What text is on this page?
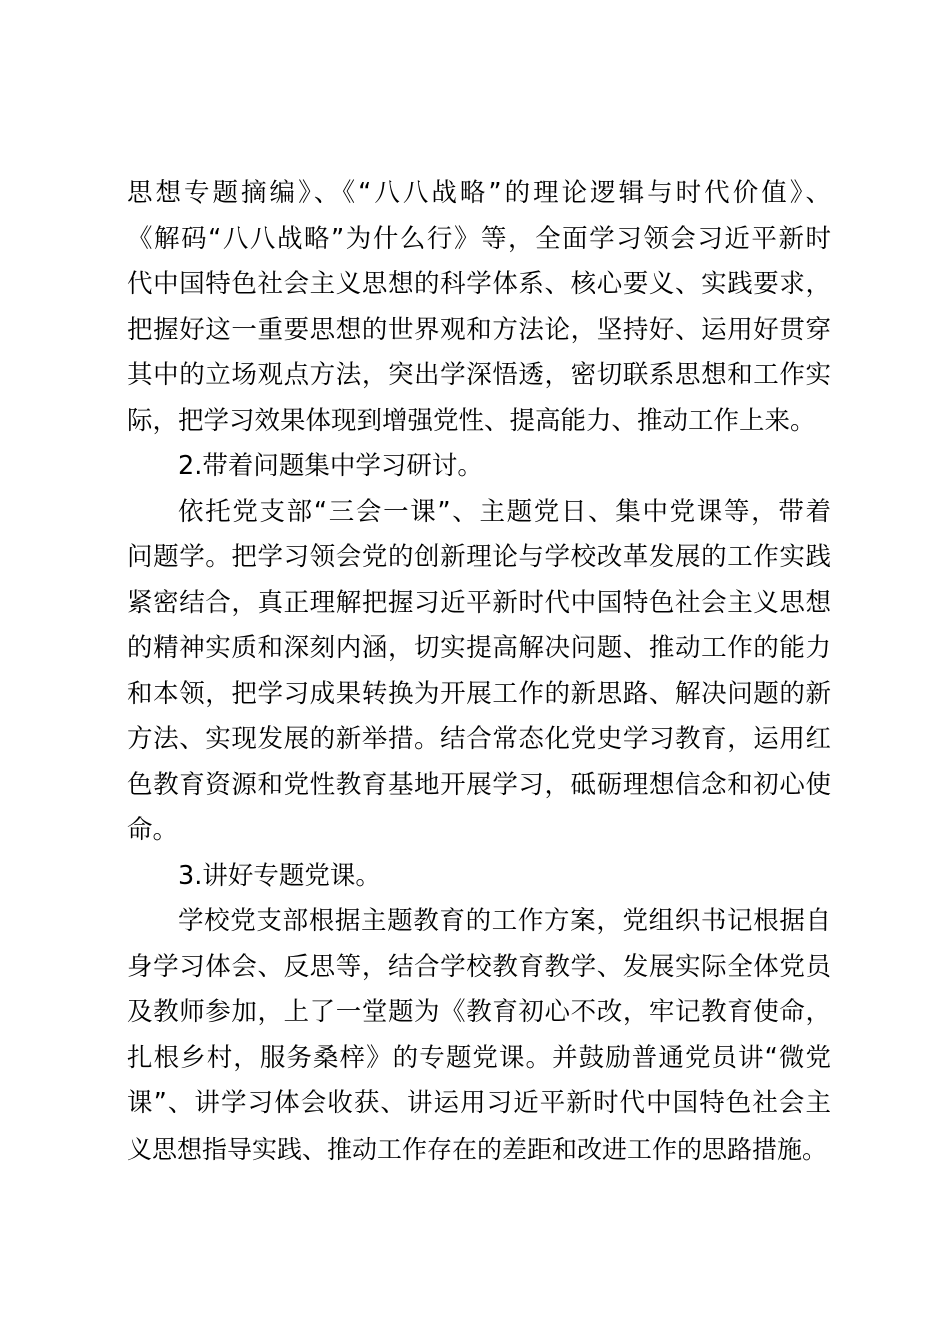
思想专题摘编》、《“八八战略”的理论逻辑与时代价值》、
《解码“八八战略”为什么行》等，全面学习领会习近平新时
代中国特色社会主义思想的科学体系、核心要义、实践要求，
把握好这一重要思想的世界观和方法论，坚持好、运用好贯穿
其中的立场观点方法，突出学深悟透，密切联系思想和工作实
际，把学习效果体现到增强党性、提高能力、推动工作上来。
2.带着问题集中学习研讨。
依托党支部“三会一课”、主题党日、集中党课等，带着
问题学。把学习领会党的创新理论与学校改革发展的工作实践
紧密结合，真正理解把握习近平新时代中国特色社会主义思想
的精神实质和深刻内涵，切实提高解决问题、推动工作的能力
和本领，把学习成果转换为开展工作的新思路、解决问题的新
方法、实现发展的新举措。结合常态化党史学习教育，运用红
色教育资源和党性教育基地开展学习，砥砺理想信念和初心使
命。
3.讲好专题党课。
学校党支部根据主题教育的工作方案，党组织书记根据自
身学习体会、反思等，结合学校教育教学、发展实际全体党员
及教师参加，上了一堂题为《教育初心不改，牢记教育使命，
扎根乡村，服务桑梓》的专题党课。并鼓励普通党员讲“微党
课”、讲学习体会收获、讲运用习近平新时代中国特色社会主
义思想指导实践、推动工作存在的差距和改进工作的思路措施。
